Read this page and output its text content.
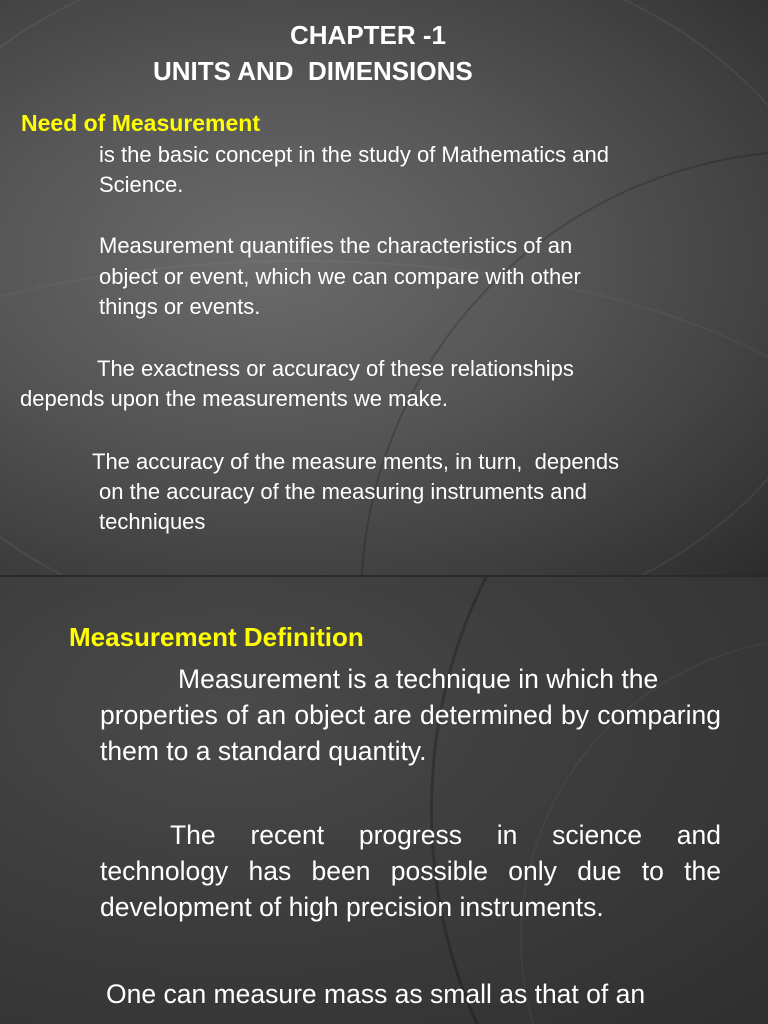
CHAPTER -1

UNITS AND  DIMENSIONS

Need of Measurement

is the basic concept in the study of Mathematics and

Science.

Measurement quantifies the characteristics of an

object or event, which we can compare with other

things or events.

The exactness or accuracy of these relationships

depends upon the measurements we make.

The accuracy of the measure ments, in turn,  depends

on the accuracy of the measuring instruments and

techniques

Measurement Definition

Measurement is a technique in which the

properties of an object are determined by comparing them to a standard quantity.

The recent progress in science and

technology has been possible only due to the development of high precision instruments.

One can measure mass as small as that of an
